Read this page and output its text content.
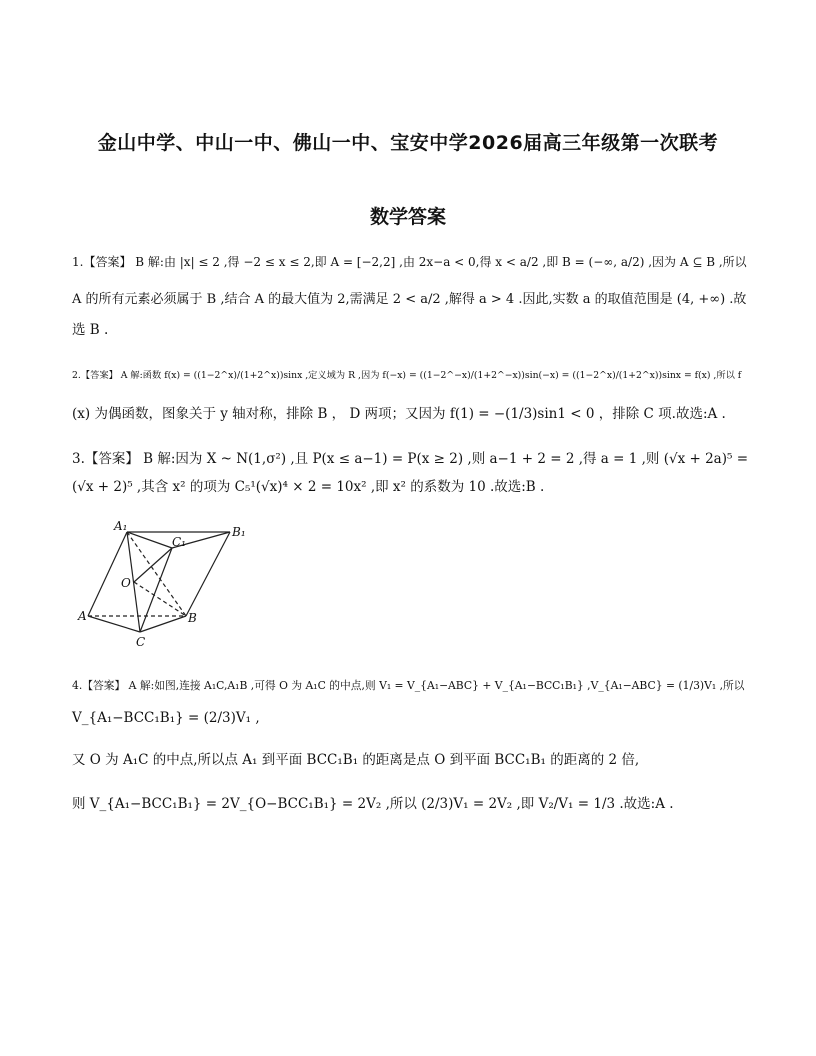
金山中学、中山一中、佛山一中、宝安中学2026届高三年级第一次联考
数学答案
1.【答案】 B 解:由 |x| ≤ 2 ,得 −2 ≤ x ≤ 2,即 A = [−2,2] ,由 2x−a < 0,得 x < a/2 ,即 B = (−∞, a/2) ,因为 A ⊆ B ,所以
A 的所有元素必须属于 B ,结合 A 的最大值为 2,需满足 2 < a/2 ,解得 a > 4 .因此,实数 a 的取值范围是 (4, +∞) .故
选 B .
2.【答案】 A 解:函数 f(x) = ((1−2^x)/(1+2^x))sinx ,定义域为 R ,因为 f(−x) = ((1−2^−x)/(1+2^−x))sin(−x) = ((1−2^x)/(1+2^x))sinx = f(x) ,所以 f
(x) 为偶函数，图象关于 y 轴对称，排除 B ， D 两项；又因为 f(1) = −(1/3)sin1 < 0 ，排除 C 项.故选:A .
3.【答案】 B 解:因为 X ~ N(1,σ²) ,且 P(x ≤ a−1) = P(x ≥ 2) ,则 a−1 + 2 = 2 ,得 a = 1 ,则 (√x + 2a)⁵ =
(√x + 2)⁵ ,其含 x² 的项为 C₅¹(√x)⁴ × 2 = 10x² ,即 x² 的系数为 10 .故选:B .
A₁	B₁
C₁
O
A	B
C
4.【答案】 A 解:如图,连接 A₁C,A₁B ,可得 O 为 A₁C 的中点,则 V₁ = V_{A₁−ABC} + V_{A₁−BCC₁B₁} ,V_{A₁−ABC} = (1/3)V₁ ,所以
V_{A₁−BCC₁B₁} = (2/3)V₁ ,
又 O 为 A₁C 的中点,所以点 A₁ 到平面 BCC₁B₁ 的距离是点 O 到平面 BCC₁B₁ 的距离的 2 倍,
则 V_{A₁−BCC₁B₁} = 2V_{O−BCC₁B₁} = 2V₂ ,所以 (2/3)V₁ = 2V₂ ,即 V₂/V₁ = 1/3 .故选:A .
